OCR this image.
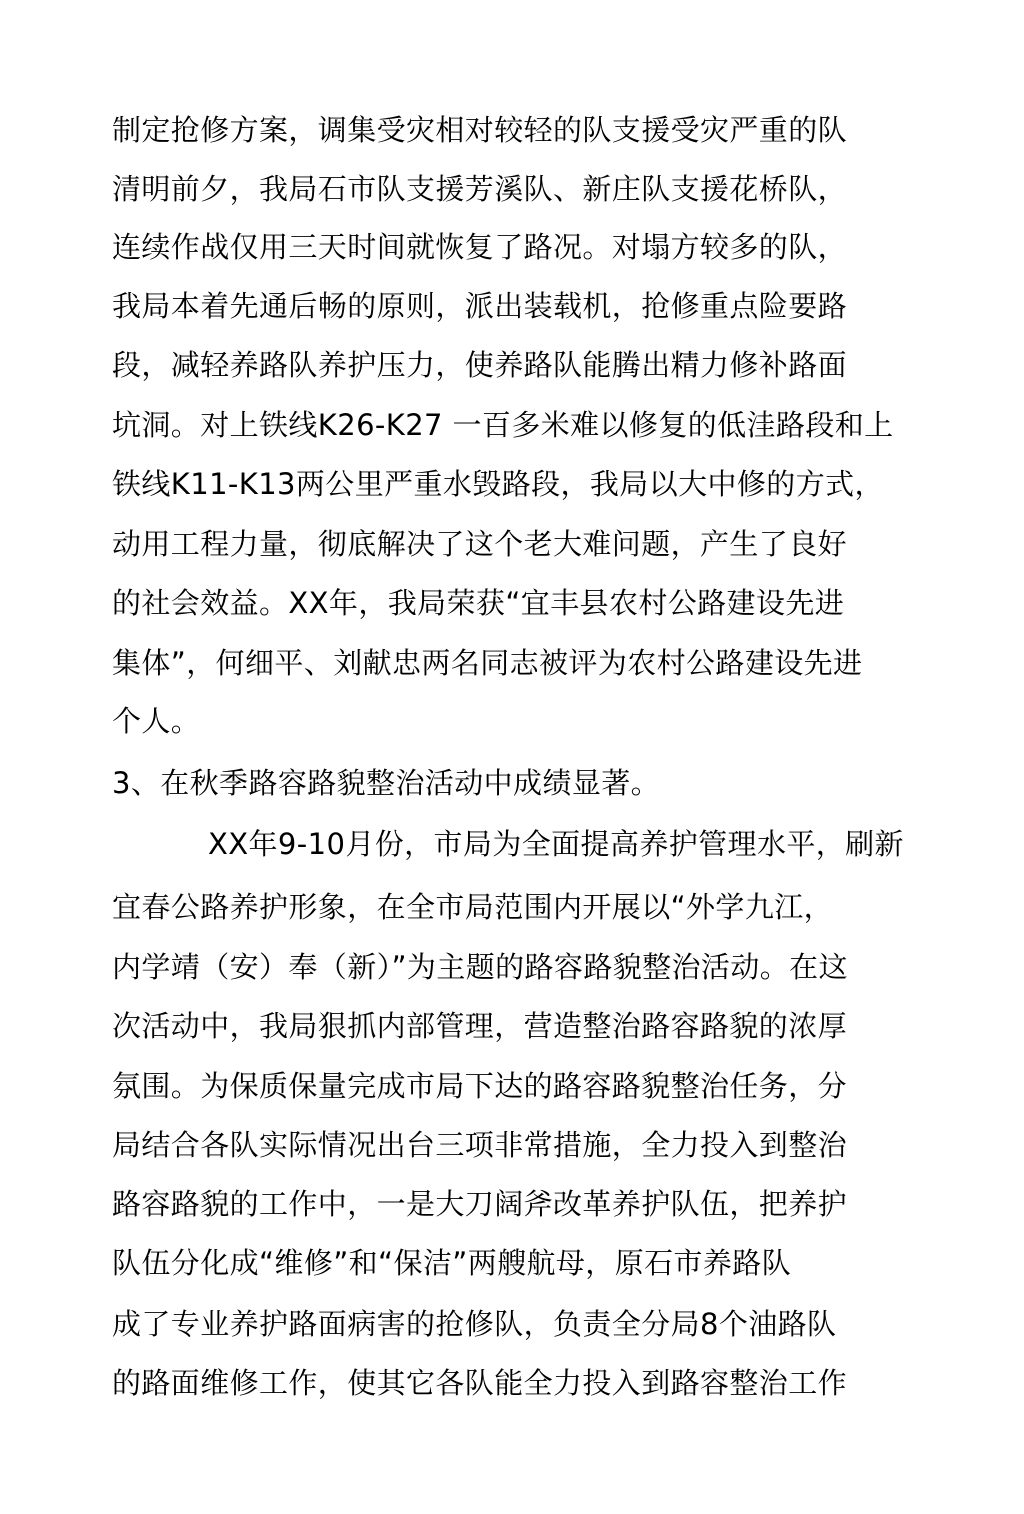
制定抢修方案，调集受灾相对较轻的队支援受灾严重的队
清明前夕，我局石市队支援芳溪队、新庄队支援花桥队，
连续作战仅用三天时间就恢复了路况。对塌方较多的队，
我局本着先通后畅的原则，派出装载机，抢修重点险要路
段，减轻养路队养护压力，使养路队能腾出精力修补路面
坑洞。对上铁线K26-K27 一百多米难以修复的低洼路段和上
铁线K11-K13两公里严重水毁路段，我局以大中修的方式，
动用工程力量，彻底解决了这个老大难问题，产生了良好
的社会效益。XX年，我局荣获“宜丰县农村公路建设先进
集体”，何细平、刘献忠两名同志被评为农村公路建设先进
个人。
3、在秋季路容路貌整治活动中成绩显著。
XX年9-10月份，市局为全面提高养护管理水平，刷新
宜春公路养护形象，在全市局范围内开展以“外学九江，
内学靖（安）奉（新）”为主题的路容路貌整治活动。在这
次活动中，我局狠抓内部管理，营造整治路容路貌的浓厚
氛围。为保质保量完成市局下达的路容路貌整治任务，分
局结合各队实际情况出台三项非常措施，全力投入到整治
路容路貌的工作中，一是大刀阔斧改革养护队伍，把养护
队伍分化成“维修”和“保洁”两艘航母，原石市养路队
成了专业养护路面病害的抢修队，负责全分局8个油路队
的路面维修工作，使其它各队能全力投入到路容整治工作
